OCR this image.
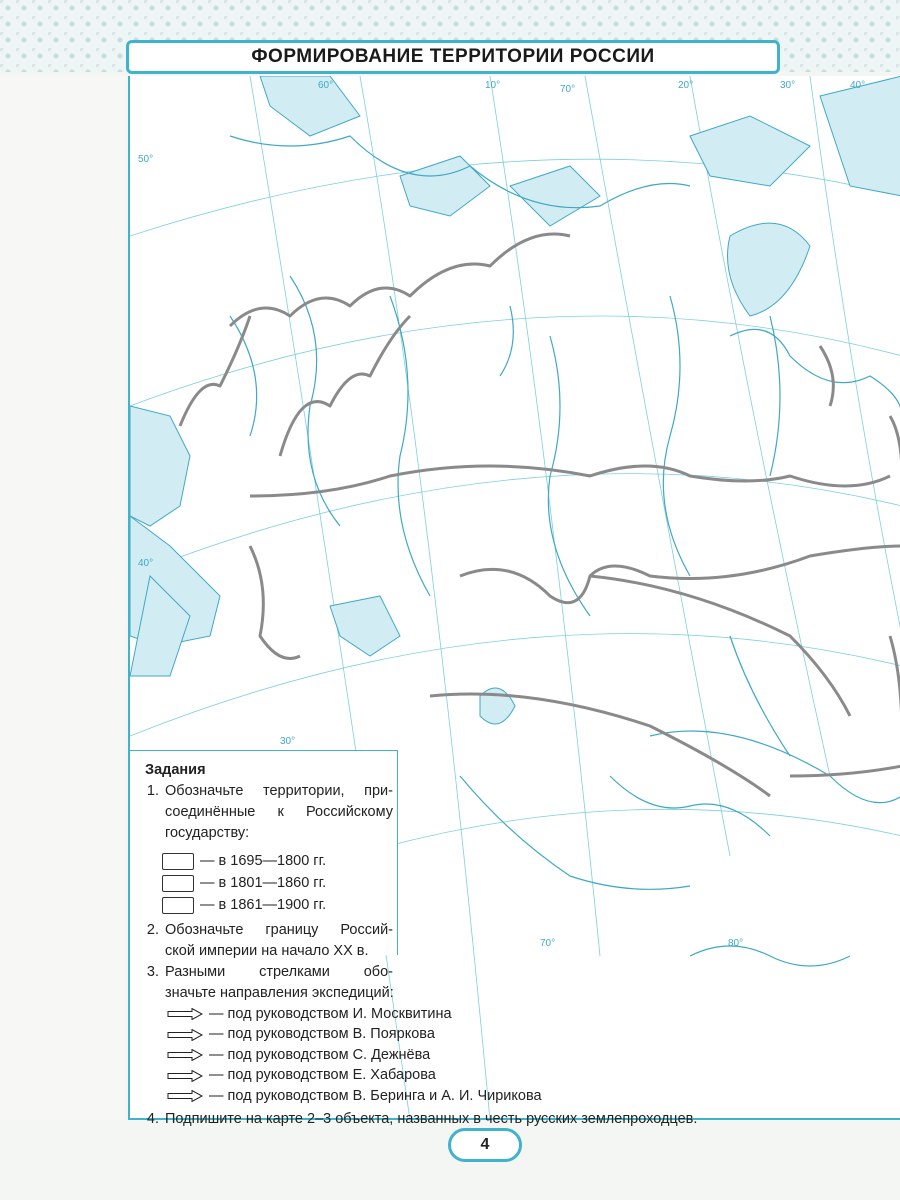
ФОРМИРОВАНИЕ ТЕРРИТОРИИ РОССИИ
60°	10°	70°	20°	30°	40°
50°
40°
30°
70°	80°
Задания
1. Обозначьте территории, при-
соединённые к Российскому
государству:
— в 1695—1800 гг.
— в 1801—1860 гг.
— в 1861—1900 гг.
2. Обозначьте границу Россий-
ской империи на начало XX в.
3. Разными стрелками обо-
значьте направления экспедиций:
— под руководством И. Москвитина
— под руководством В. Пояркова
— под руководством С. Дежнёва
— под руководством Е. Хабарова
— под руководством В. Беринга и А. И. Чирикова
4. Подпишите на карте 2–3 объекта, названных в честь русских землепроходцев.
4
